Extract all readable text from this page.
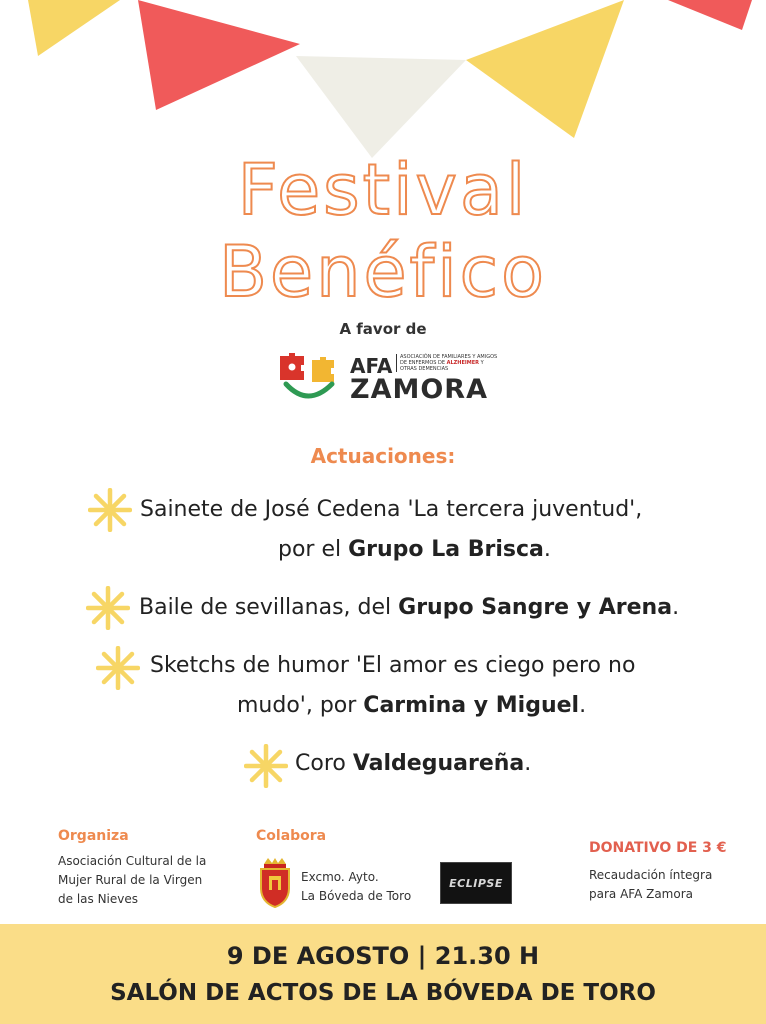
Festival
Benéfico
A favor de
AFA	ASOCIACIÓN DE FAMILIARES Y AMIGOS DE ENFERMOS DE ALZHEIMER Y OTRAS DEMENCIAS
ZAMORA
Actuaciones:
Sainete de José Cedena 'La tercera juventud',
por el Grupo La Brisca.
Baile de sevillanas, del Grupo Sangre y Arena.
Sketchs de humor 'El amor es ciego pero no
mudo', por Carmina y Miguel.
Coro Valdeguareña.
Organiza
Asociación Cultural de la
Mujer Rural de la Virgen
de las Nieves
Colabora
Excmo. Ayto.
La Bóveda de Toro
ECLIPSE
DONATIVO DE 3 €
Recaudación íntegra
para AFA Zamora
9 DE AGOSTO | 21.30 H
SALÓN DE ACTOS DE LA BÓVEDA DE TORO
